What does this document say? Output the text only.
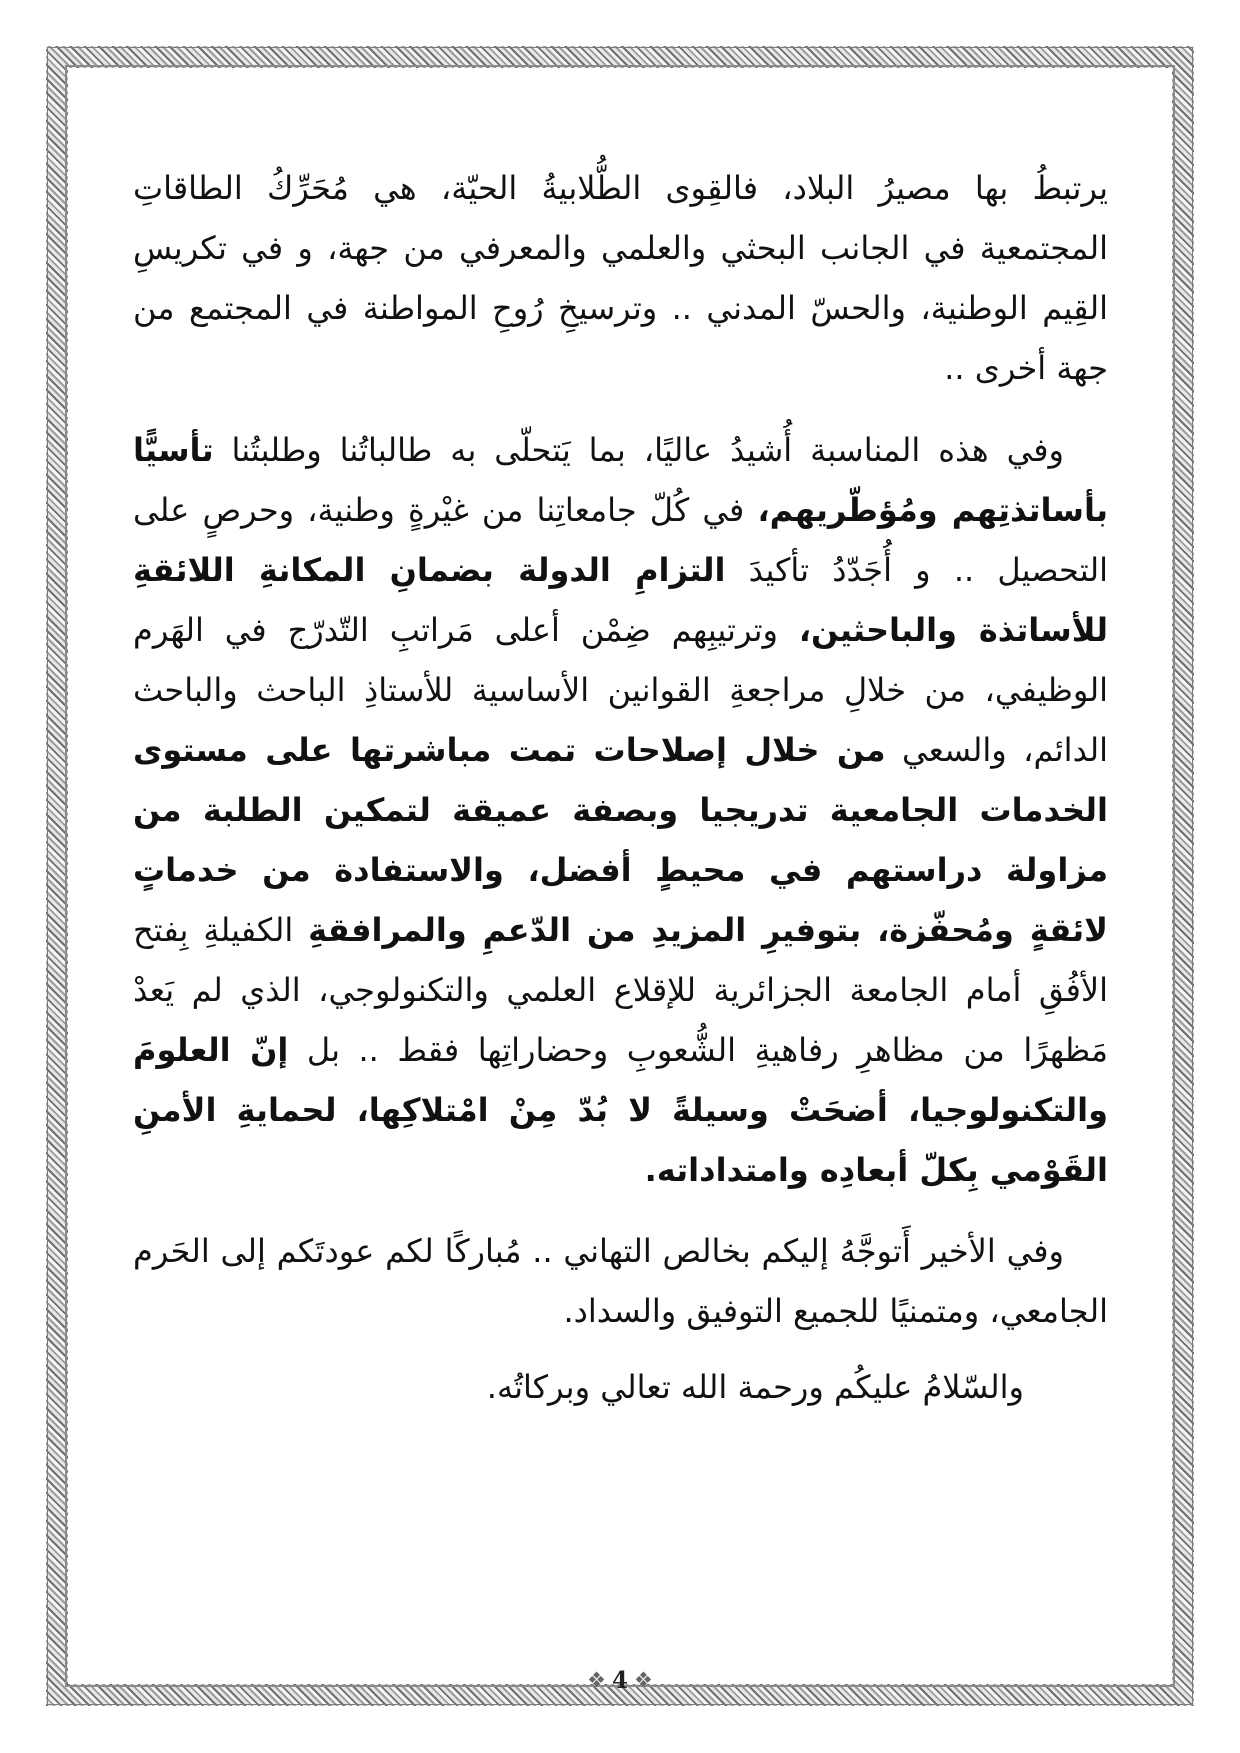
يرتبطُ بها مصيرُ البلاد، فالقِوى الطُّلابيةُ الحيّة، هي مُحَرِّكُ الطاقاتِ المجتمعية في الجانب البحثي والعلمي والمعرفي من جهة، و في تكريسِ القِيم الوطنية، والحسّ المدني .. وترسيخِ رُوحِ المواطنة في المجتمع من جهة أخرى ..

وفي هذه المناسبة أُشيدُ عاليًا، بما يَتحلّى به طالباتُنا وطلبتُنا تأسيًّا بأساتذتِهم ومُؤطّريهم، في كُلّ جامعاتِنا من غيْرةٍ وطنية، وحرصٍ على التحصيل .. و أُجَدّدُ تأكيدَ التزامِ الدولة بضمانِ المكانةِ اللائقةِ للأساتذة والباحثين، وترتيبِهم ضِمْن أعلى مَراتبِ التّدرّج في الهَرم الوظيفي، من خلالِ مراجعةِ القوانين الأساسية للأستاذِ الباحث والباحث الدائم، والسعي من خلال إصلاحات تمت مباشرتها على مستوى الخدمات الجامعية تدريجيا وبصفة عميقة لتمكين الطلبة من مزاولة دراستهم في محيطٍ أفضل، والاستفادة من خدماتٍ لائقةٍ ومُحفّزة، بتوفيرِ المزيدِ من الدّعمِ والمرافقةِ الكفيلةِ بِفتح الأفُقِ أمام الجامعة الجزائرية للإقلاع العلمي والتكنولوجي، الذي لم يَعدْ مَظهرًا من مظاهرِ رفاهيةِ الشُّعوبِ وحضاراتِها فقط .. بل إنّ العلومَ والتكنولوجيا، أضحَتْ وسيلةً لا بُدّ مِنْ امْتلاكِها، لحمايةِ الأمنِ القَوْمي بِكلّ أبعادِه وامتداداته.

وفي الأخير أَتوجَّهُ إليكم بخالص التهاني .. مُباركًا لكم عودتَكم إلى الحَرم الجامعي، ومتمنيًا للجميع التوفيق والسداد.

والسّلامُ عليكُم ورحمة الله تعالي وبركاتُه.

❖
4
❖
